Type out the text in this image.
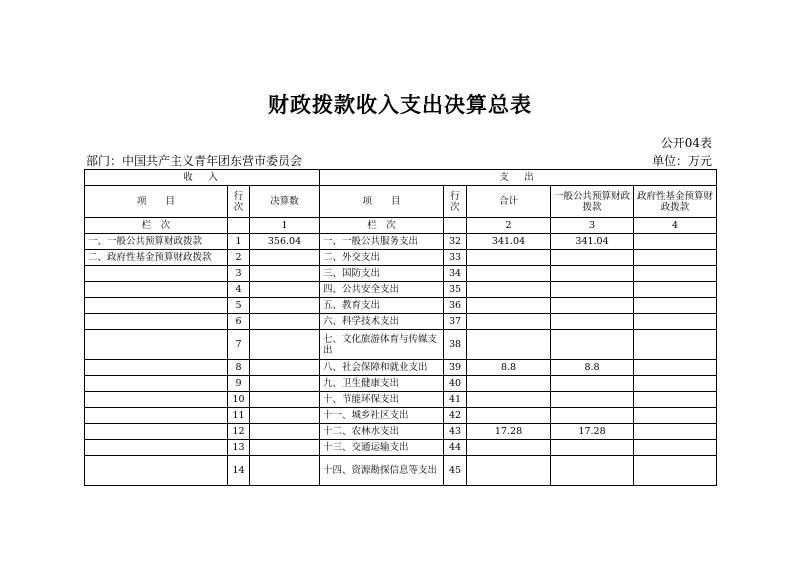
财政拨款收入支出决算总表
公开04表
部门：中国共产主义青年团东营市委员会	单位：万元
收　入			支　出				
项　　目	行次	决算数	项　　目	行次	合计	一般公共预算财政拨款	政府性基金预算财政拨款
栏　次		1	栏　次		2	3	4
一、一般公共预算财政拨款	1	356.04	一、一般公共服务支出	32	341.04	341.04	
二、政府性基金预算财政拨款	2		二、外交支出	33			
	3		三、国防支出	34			
	4		四、公共安全支出	35			
	5		五、教育支出	36			
	6		六、科学技术支出	37			
	7		七、文化旅游体育与传媒支出	38			
	8		八、社会保障和就业支出	39	8.8	8.8	
	9		九、卫生健康支出	40			
	10		十、节能环保支出	41			
	11		十一、城乡社区支出	42			
	12		十二、农林水支出	43	17.28	17.28	
	13		十三、交通运输支出	44			
	14		十四、资源勘探信息等支出	45			
